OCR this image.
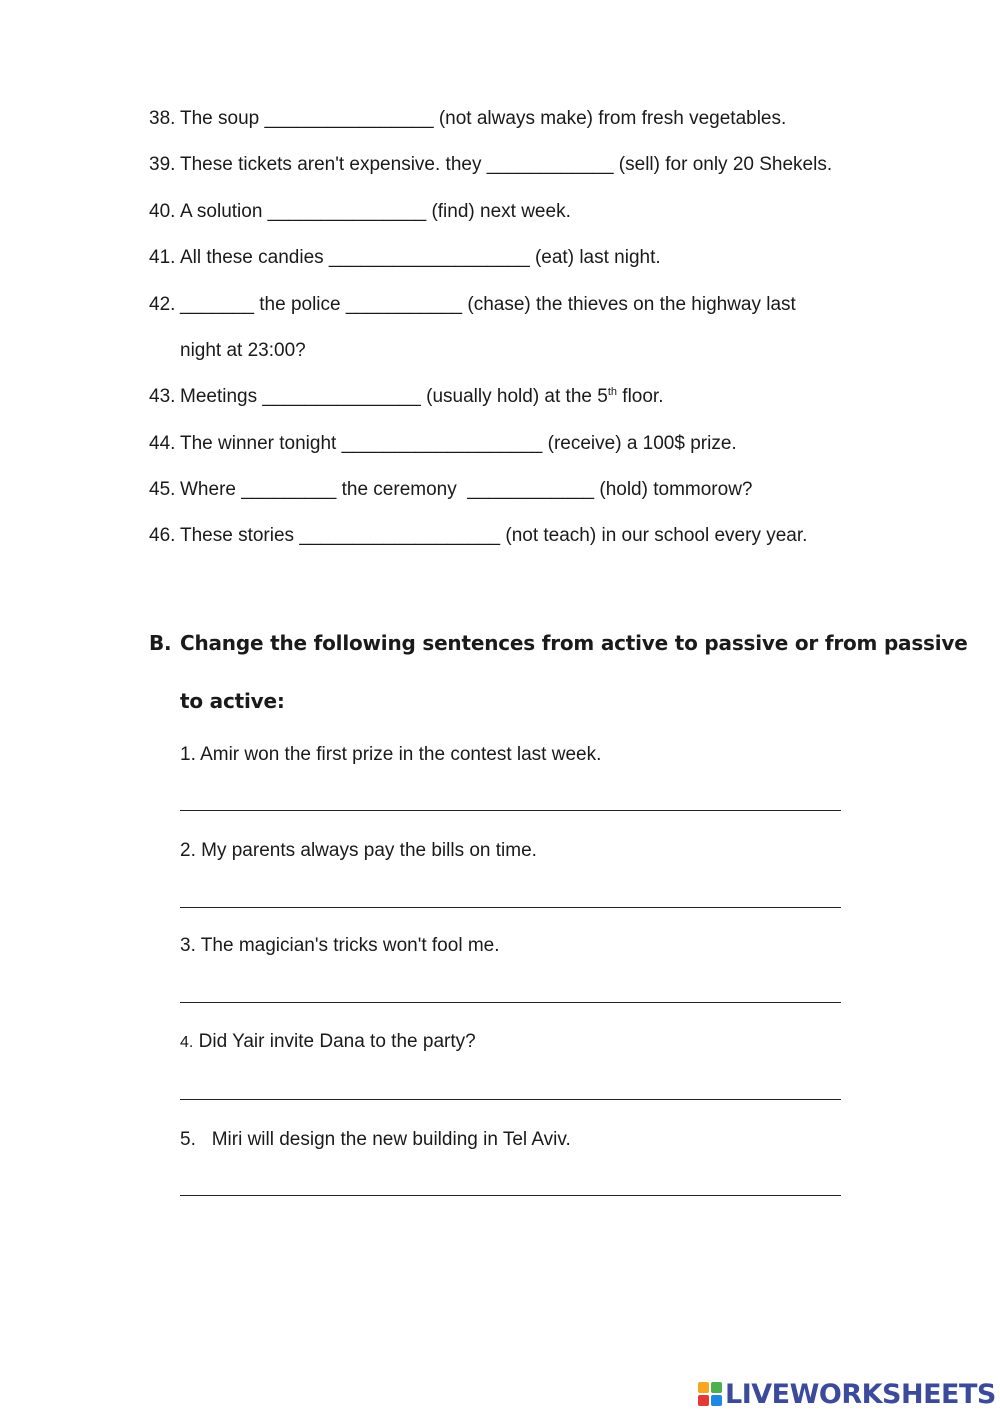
38. The soup ________________ (not always make) from fresh vegetables.
39. These tickets aren't expensive. they ____________ (sell) for only 20 Shekels.
40. A solution _______________ (find) next week.
41. All these candies ___________________ (eat) last night.
42. _______ the police ___________ (chase) the thieves on the highway last
night at 23:00?
43. Meetings _______________ (usually hold) at the 5th floor.
44. The winner tonight ___________________ (receive) a 100$ prize.
45. Where _________ the ceremony  ____________ (hold) tommorow?
46. These stories ___________________ (not teach) in our school every year.
B. Change the following sentences from active to passive or from passive
to active:
1. Amir won the first prize in the contest last week.
2. My parents always pay the bills on time.
3. The magician's tricks won't fool me.
4. Did Yair invite Dana to the party?
5.   Miri will design the new building in Tel Aviv.
LIVEWORKSHEETS
